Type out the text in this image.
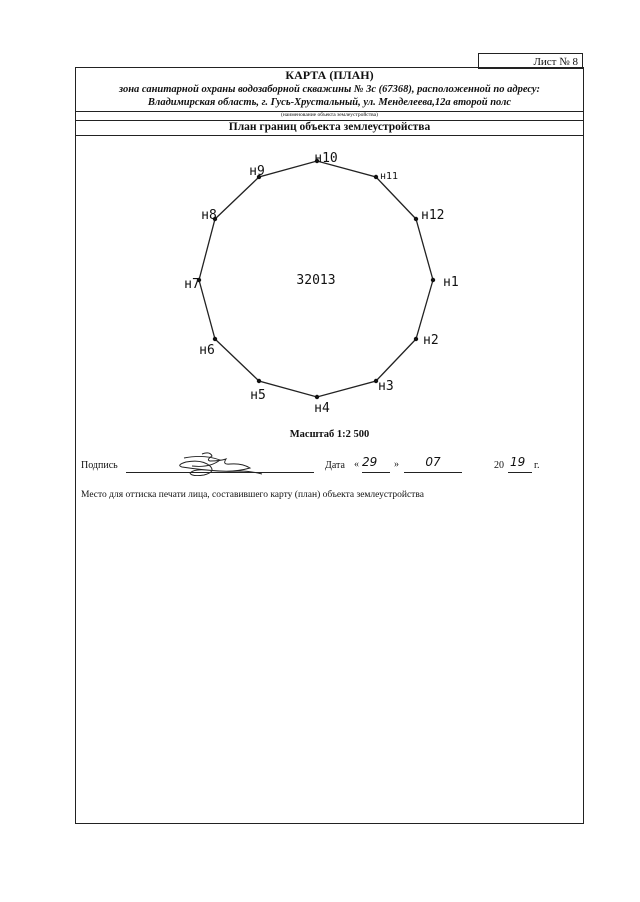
Лист № 8
КАРТА (ПЛАН)
зона санитарной охраны водозаборной скважины № 3с (67368), расположенной по адресу:
Владимирская область, г. Гусь-Хрустальный, ул. Менделеева,12а второй полс
(наименование объекта землеустройства)
План границ объекта землеустройства
32013	н1
н2
н3
н4
н5
н6
н7
н8
н9
н10
н11
н12
Масштаб 1:2 500
Подпись	Дата « 29	»	07	20 19 г.
Место для оттиска печати лица, составившего карту (план) объекта землеустройства
